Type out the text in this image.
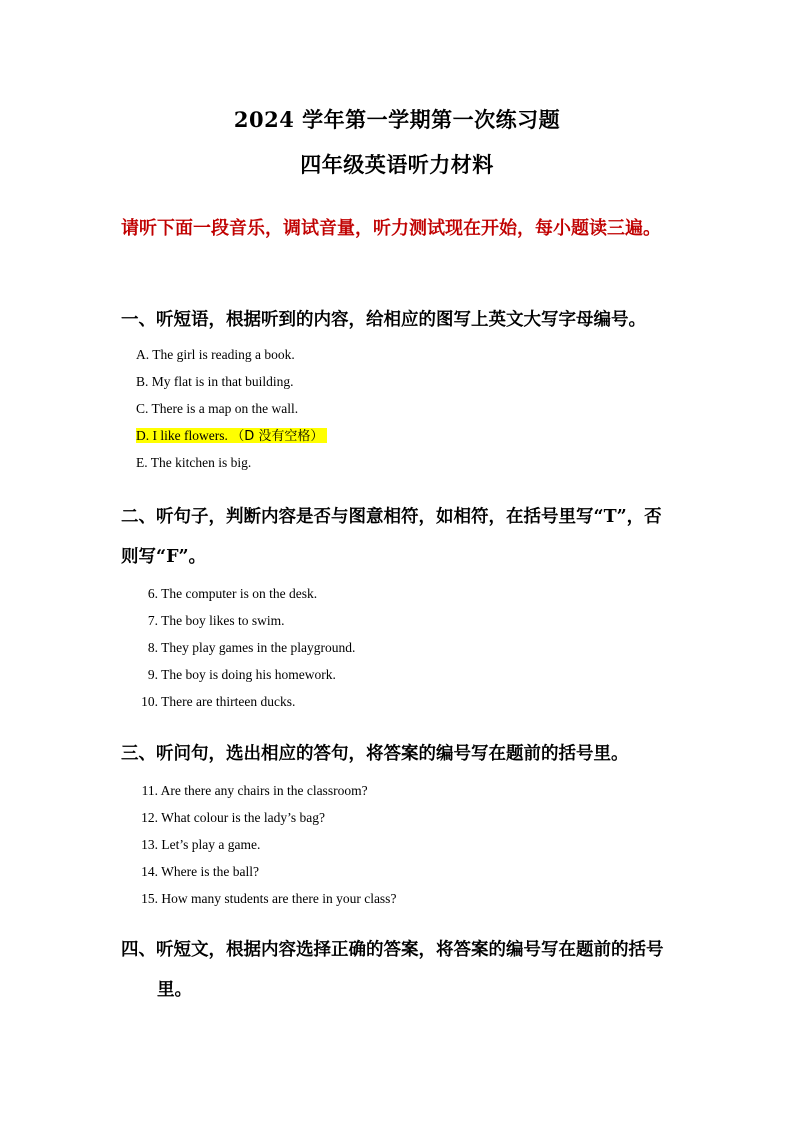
2024 学年第一学期第一次练习题
四年级英语听力材料
请听下面一段音乐，调试音量，听力测试现在开始，每小题读三遍。
一、听短语，根据听到的内容，给相应的图写上英文大写字母编号。
A. The girl is reading a book.
B. My flat is in that building.
C. There is a map on the wall.
D. I like flowers. （D 没有空格）
E. The kitchen is big.
二、听句子，判断内容是否与图意相符，如相符，在括号里写“T”，否
则写“F”。
6. The computer is on the desk.
7. The boy likes to swim.
8. They play games in the playground.
9. The boy is doing his homework.
10. There are thirteen ducks.
三、听问句，选出相应的答句，将答案的编号写在题前的括号里。
11. Are there any chairs in the classroom?
12. What colour is the lady’s bag?
13. Let’s play a game.
14. Where is the ball?
15. How many students are there in your class?
四、听短文，根据内容选择正确的答案，将答案的编号写在题前的括号
里。
